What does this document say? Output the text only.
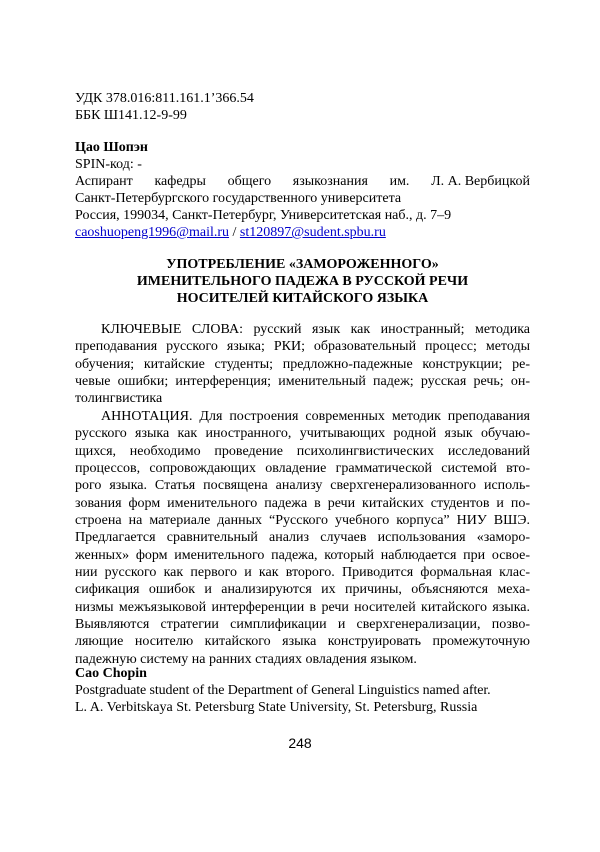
УДК 378.016:811.161.1’366.54
ББК Ш141.12-9-99
Цао Шопэн
SPIN-код: -
Аспирант кафедры общего языкознания им. Л. А. Вербицкой
Санкт-Петербургского государственного университета
Россия, 199034, Санкт-Петербург, Университетская наб., д. 7–9
caoshuopeng1996@mail.ru / st120897@sudent.spbu.ru
УПОТРЕБЛЕНИЕ «ЗАМОРОЖЕННОГО»
ИМЕНИТЕЛЬНОГО ПАДЕЖА В РУССКОЙ РЕЧИ
НОСИТЕЛЕЙ КИТАЙСКОГО ЯЗЫКА
КЛЮЧЕВЫЕ СЛОВА: русский язык как иностранный; методика
преподавания русского языка; РКИ; образовательный процесс; методы
обучения; китайские студенты; предложно-падежные конструкции; ре-
чевые ошибки; интерференция; именительный падеж; русская речь; он-
толингвистика
АННОТАЦИЯ. Для построения современных методик преподавания
русского языка как иностранного, учитывающих родной язык обучаю-
щихся, необходимо проведение психолингвистических исследований
процессов, сопровождающих овладение грамматической системой вто-
рого языка. Статья посвящена анализу сверхгенерализованного исполь-
зования форм именительного падежа в речи китайских студентов и по-
строена на материале данных “Русского учебного корпуса” НИУ ВШЭ.
Предлагается сравнительный анализ случаев использования «заморо-
женных» форм именительного падежа, который наблюдается при освое-
нии русского как первого и как второго. Приводится формальная клас-
сификация ошибок и анализируются их причины, объясняются меха-
низмы межъязыковой интерференции в речи носителей китайского языка.
Выявляются стратегии симплификации и сверхгенерализации, позво-
ляющие носителю китайского языка конструировать промежуточную
падежную систему на ранних стадиях овладения языком.
Cao Chopin
Postgraduate student of the Department of General Linguistics named after.
L. A. Verbitskaya St. Petersburg State University, St. Petersburg, Russia
248
